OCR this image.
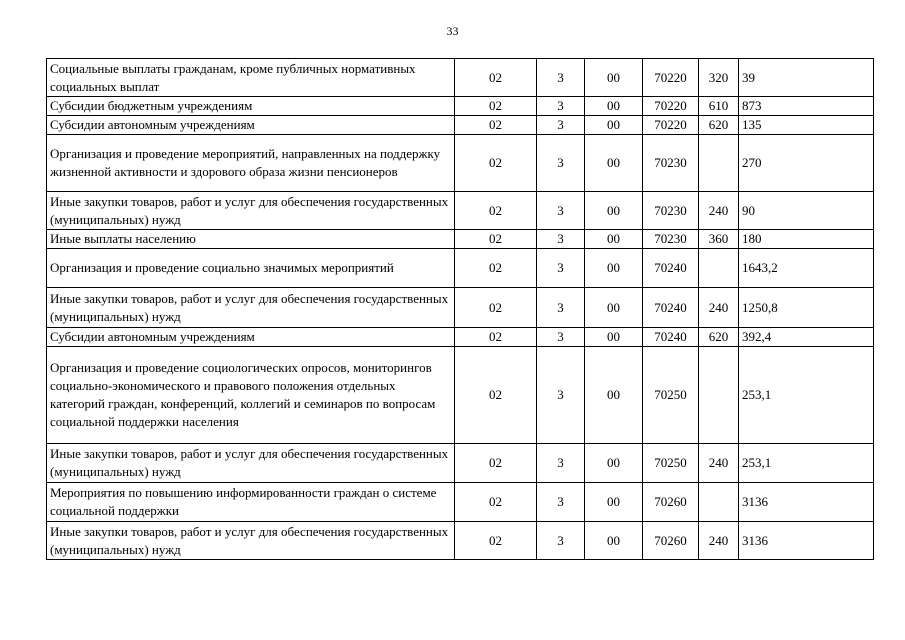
33
Социальные выплаты гражданам, кроме публичных нормативных социальных выплат	02	3	00	70220	320	39
Субсидии бюджетным учреждениям	02	3	00	70220	610	873
Субсидии автономным учреждениям	02	3	00	70220	620	135
Организация и проведение мероприятий, направленных на поддержку жизненной активности и здорового образа жизни пенсионеров	02	3	00	70230		270
Иные закупки товаров, работ и услуг для обеспечения государственных (муниципальных) нужд	02	3	00	70230	240	90
Иные выплаты населению	02	3	00	70230	360	180
Организация и проведение социально значимых мероприятий	02	3	00	70240		1643,2
Иные закупки товаров, работ и услуг для обеспечения государственных (муниципальных) нужд	02	3	00	70240	240	1250,8
Субсидии автономным учреждениям	02	3	00	70240	620	392,4
Организация и проведение социологических опросов, мониторингов социально-экономического и правового положения отдельных категорий граждан, конференций, коллегий и семинаров по вопросам социальной поддержки населения	02	3	00	70250		253,1
Иные закупки товаров, работ и услуг для обеспечения государственных (муниципальных) нужд	02	3	00	70250	240	253,1
Мероприятия по повышению информированности граждан о системе социальной поддержки	02	3	00	70260		3136
Иные закупки товаров, работ и услуг для обеспечения государственных (муниципальных) нужд	02	3	00	70260	240	3136
